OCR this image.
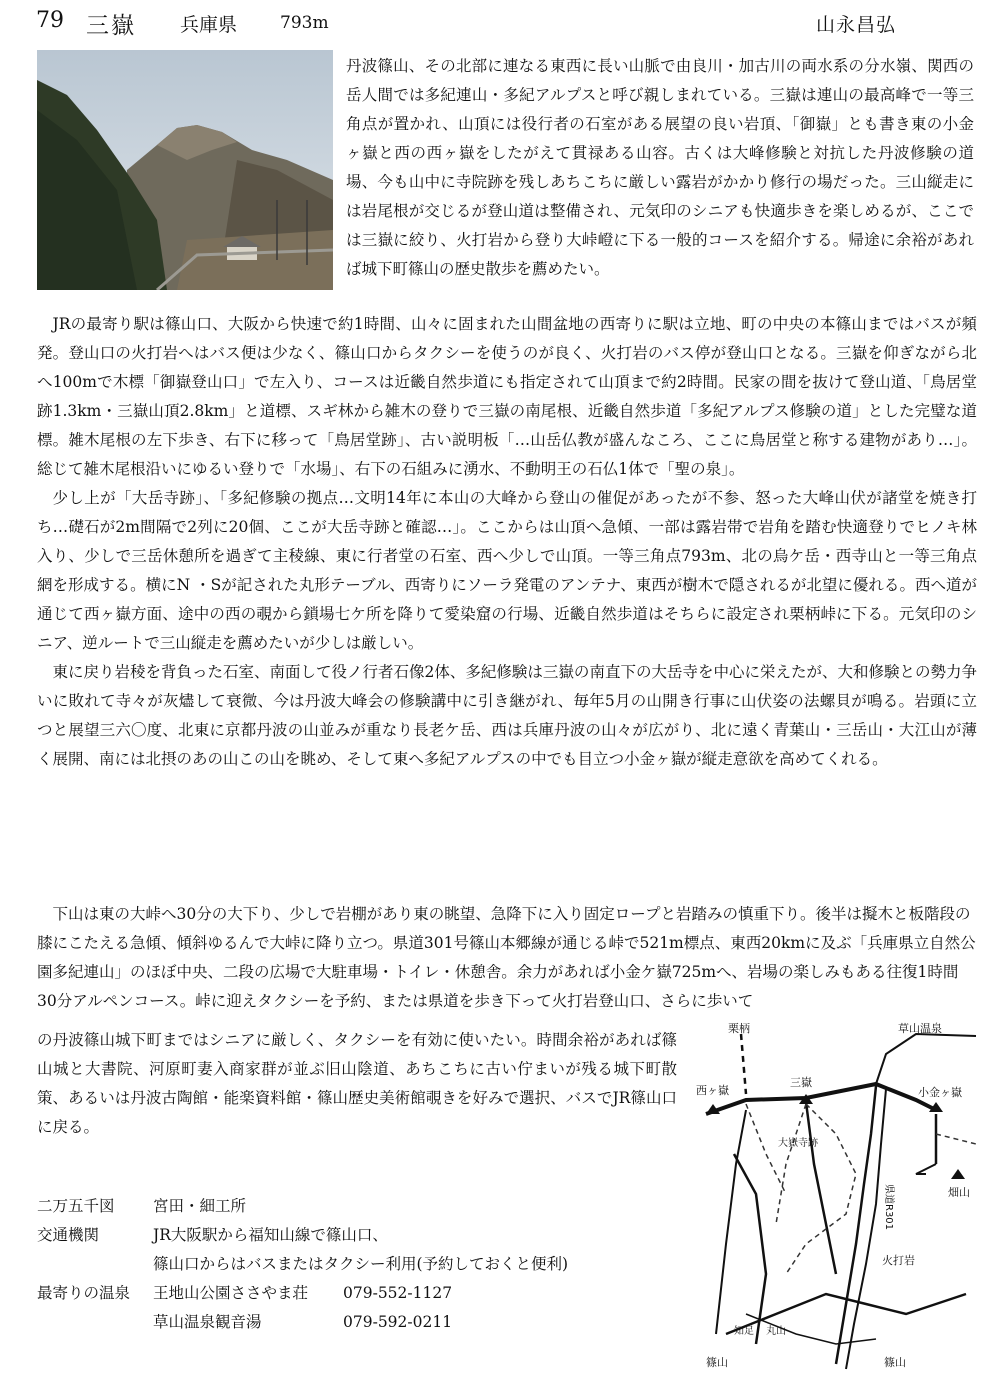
79 三嶽 兵庫県	793m	山永昌弘

丹波篠山、その北部に連なる東西に長い山脈で由良川・加古川の両水系の分水嶺、関西の岳人間では多紀連山・多紀アルプスと呼び親しまれている。三嶽は連山の最高峰で一等三角点が置かれ、山頂には役行者の石室がある展望の良い岩頂、「御嶽」とも書き東の小金ヶ嶽と西の西ヶ嶽をしたがえて貫禄ある山容。古くは大峰修験と対抗した丹波修験の道場、今も山中に寺院跡を残しあちこちに厳しい露岩がかかり修行の場だった。三山縦走には岩尾根が交じるが登山道は整備され、元気印のシニアも快適歩きを楽しめるが、ここでは三嶽に絞り、火打岩から登り大峠嶝に下る一般的コースを紹介する。帰途に余裕があれば城下町篠山の歴史散歩を薦めたい。

JRの最寄り駅は篠山口、大阪から快速で約1時間、山々に固まれた山間盆地の西寄りに駅は立地、町の中央の本篠山まではバスが頻発。登山口の火打岩へはバス便は少なく、篠山口からタクシーを使うのが良く、火打岩のバス停が登山口となる。三嶽を仰ぎながら北へ100mで木標「御嶽登山口」で左入り、コースは近畿自然歩道にも指定されて山頂まで約2時間。民家の間を抜けて登山道、「鳥居堂跡1.3km・三嶽山頂2.8km」と道標、スギ林から雑木の登りで三嶽の南尾根、近畿自然歩道「多紀アルプス修験の道」とした完璧な道標。雑木尾根の左下歩き、右下に移って「鳥居堂跡」、古い説明板「…山岳仏教が盛んなころ、ここに鳥居堂と称する建物があり…」。総じて雑木尾根沿いにゆるい登りで「水場」、右下の石組みに湧水、不動明王の石仏1体で「聖の泉」。

少し上が「大岳寺跡」、「多紀修験の拠点…文明14年に本山の大峰から登山の催促があったが不参、怒った大峰山伏が諸堂を焼き打ち…礎石が2m間隔で2列に20個、ここが大岳寺跡と確認…」。ここからは山頂へ急傾、一部は露岩帯で岩角を踏む快適登りでヒノキ林入り、少しで三岳休憩所を過ぎて主稜線、東に行者堂の石室、西へ少しで山頂。一等三角点793m、北の烏ケ岳・西寺山と一等三角点網を形成する。横にN ・Sが記された丸形テーブル、西寄りにソーラ発電のアンテナ、東西が樹木で隠されるが北望に優れる。西へ道が通じて西ヶ嶽方面、途中の西の覗から鎖場七ケ所を降りて愛染窟の行場、近畿自然歩道はそちらに設定され栗柄峠に下る。元気印のシニア、逆ルートで三山縦走を薦めたいが少しは厳しい。

東に戻り岩稜を背負った石室、南面して役ノ行者石像2体、多紀修験は三嶽の南直下の大岳寺を中心に栄えたが、大和修験との勢力争いに敗れて寺々が灰燼して衰微、今は丹波大峰会の修験講中に引き継がれ、毎年5月の山開き行事に山伏姿の法螺貝が鳴る。岩頭に立つと展望三六〇度、北東に京都丹波の山並みが重なり長老ケ岳、西は兵庫丹波の山々が広がり、北に遠く青葉山・三岳山・大江山が薄く展開、南には北摂のあの山この山を眺め、そして東へ多紀アルプスの中でも目立つ小金ヶ嶽が縦走意欲を高めてくれる。

下山は東の大峠へ30分の大下り、少しで岩棚があり東の眺望、急降下に入り固定ロープと岩踏みの慎重下り。後半は擬木と板階段の膝にこたえる急傾、傾斜ゆるんで大峠に降り立つ。県道301号篠山本郷線が通じる峠で521m標点、東西20kmに及ぶ「兵庫県立自然公園多紀連山」のほぼ中央、二段の広場で大駐車場・トイレ・休憩舎。余力があれば小金ケ嶽725mへ、岩場の楽しみもある往復1時間30分アルペンコース。峠に迎えタクシーを予約、または県道を歩き下って火打岩登山口、さらに歩いて

の丹波篠山城下町まではシニアに厳しく、タクシーを有効に使いたい。時間余裕があれば篠山城と大書院、河原町妻入商家群が並ぶ旧山陰道、あちこちに古い佇まいが残る城下町散策、あるいは丹波古陶館・能楽資料館・篠山歴史美術館覗きを好みで選択、バスでJR篠山口に戻る。

二万五千図 宮田・細工所
交通機関	JR大阪駅から福知山線で篠山口、
篠山口からはバスまたはタクシー利用(予約しておくと便利)
最寄りの温泉 王地山公園ささやま荘 079-552-1127
草山温泉観音湯	079-592-0211
栗柄	草山温泉
西ヶ嶽
三嶽
小金ヶ嶽
大嶽寺跡
畑山
県道R301
火打岩
知足 丸山
篠山	篠山
